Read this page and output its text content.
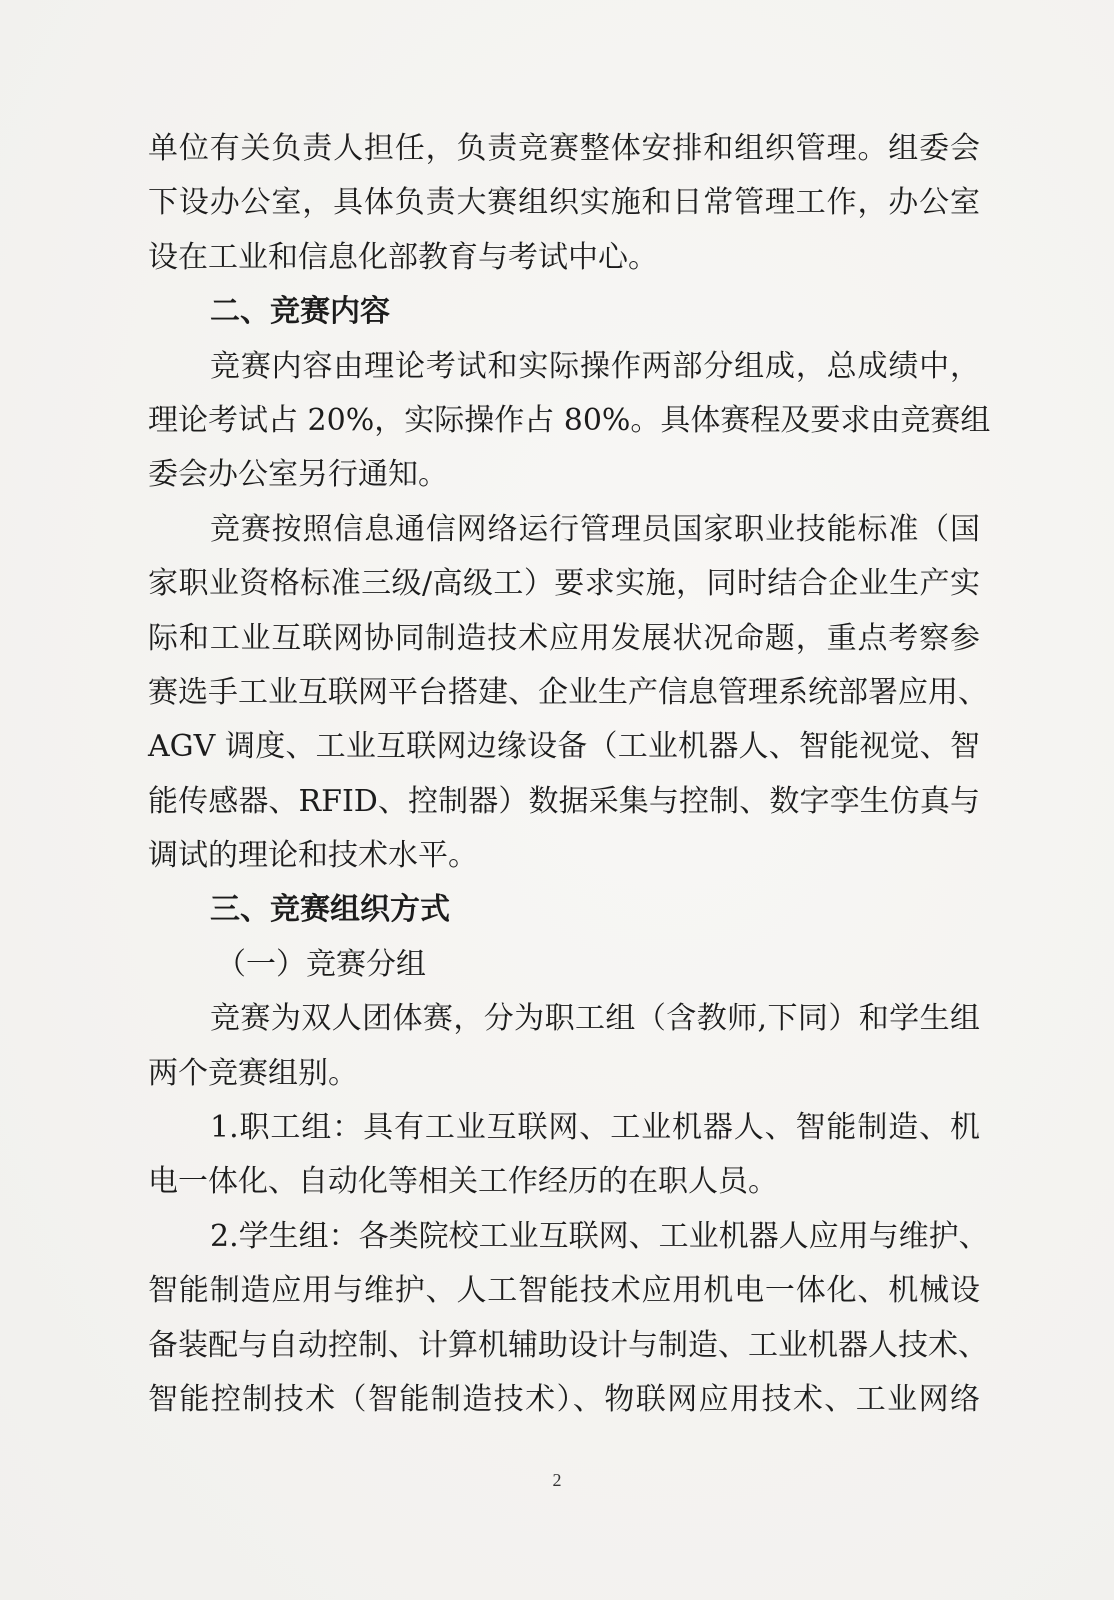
单位有关负责人担任，负责竞赛整体安排和组织管理。组委会
下设办公室，具体负责大赛组织实施和日常管理工作，办公室
设在工业和信息化部教育与考试中心。
二、竞赛内容
竞赛内容由理论考试和实际操作两部分组成，总成绩中，
理论考试占 20%，实际操作占 80%。具体赛程及要求由竞赛组
委会办公室另行通知。
竞赛按照信息通信网络运行管理员国家职业技能标准（国
家职业资格标准三级/高级工）要求实施，同时结合企业生产实
际和工业互联网协同制造技术应用发展状况命题，重点考察参
赛选手工业互联网平台搭建、企业生产信息管理系统部署应用、
AGV 调度、工业互联网边缘设备（工业机器人、智能视觉、智
能传感器、RFID、控制器）数据采集与控制、数字孪生仿真与
调试的理论和技术水平。
三、竞赛组织方式
（一）竞赛分组
竞赛为双人团体赛，分为职工组（含教师,下同）和学生组
两个竞赛组别。
1.职工组：具有工业互联网、工业机器人、智能制造、机
电一体化、自动化等相关工作经历的在职人员。
2.学生组：各类院校工业互联网、工业机器人应用与维护、
智能制造应用与维护、人工智能技术应用机电一体化、机械设
备装配与自动控制、计算机辅助设计与制造、工业机器人技术、
智能控制技术（智能制造技术）、物联网应用技术、工业网络
2
